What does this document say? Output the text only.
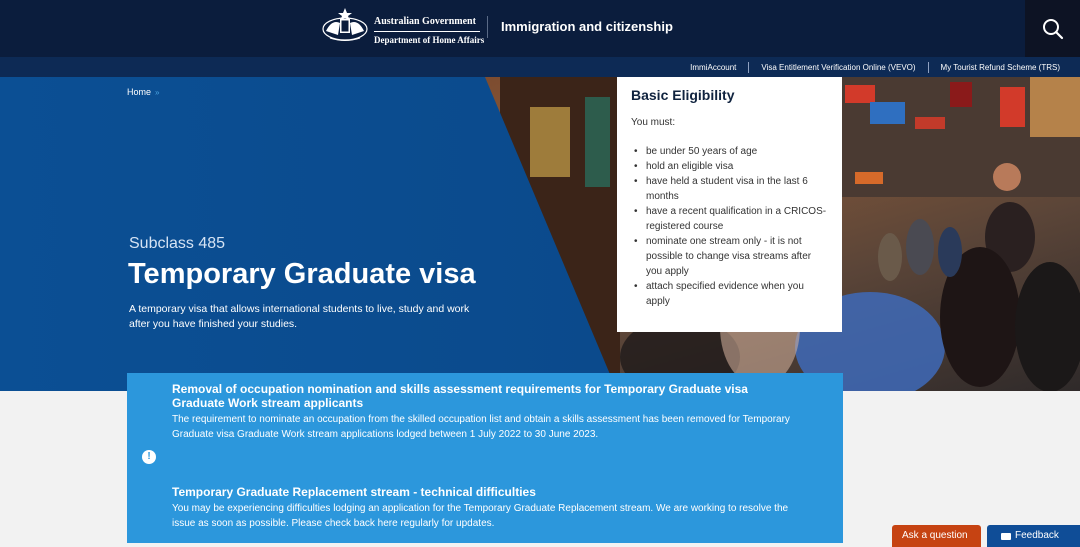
Australian Government
Department of Home Affairs
Immigration and citizenship
ImmiAccount	Visa Entitlement Verification Online (VEVO)	My Tourist Refund Scheme (TRS)
Home »
Subclass 485
Temporary Graduate visa

A temporary visa that allows international students to live, study and work after you have finished your studies.

Basic Eligibility

You must:

• be under 50 years of age
• hold an eligible visa
• have held a student visa in the last 6 months
• have a recent qualification in a CRICOS-registered course
• nominate one stream only - it is not possible to change visa streams after you apply
• attach specified evidence when you apply
!
Removal of occupation nomination and skills assessment requirements for Temporary Graduate visa Graduate Work stream applicants

The requirement to nominate an occupation from the skilled occupation list and obtain a skills assessment has been removed for Temporary Graduate visa Graduate Work stream applications lodged between 1 July 2022 to 30 June 2023.

Temporary Graduate Replacement stream - technical difficulties

You may be experiencing difficulties lodging an application for the Temporary Graduate Replacement stream. We are working to resolve the issue as soon as possible. Please check back here regularly for updates.

Ask a question	Feedback
